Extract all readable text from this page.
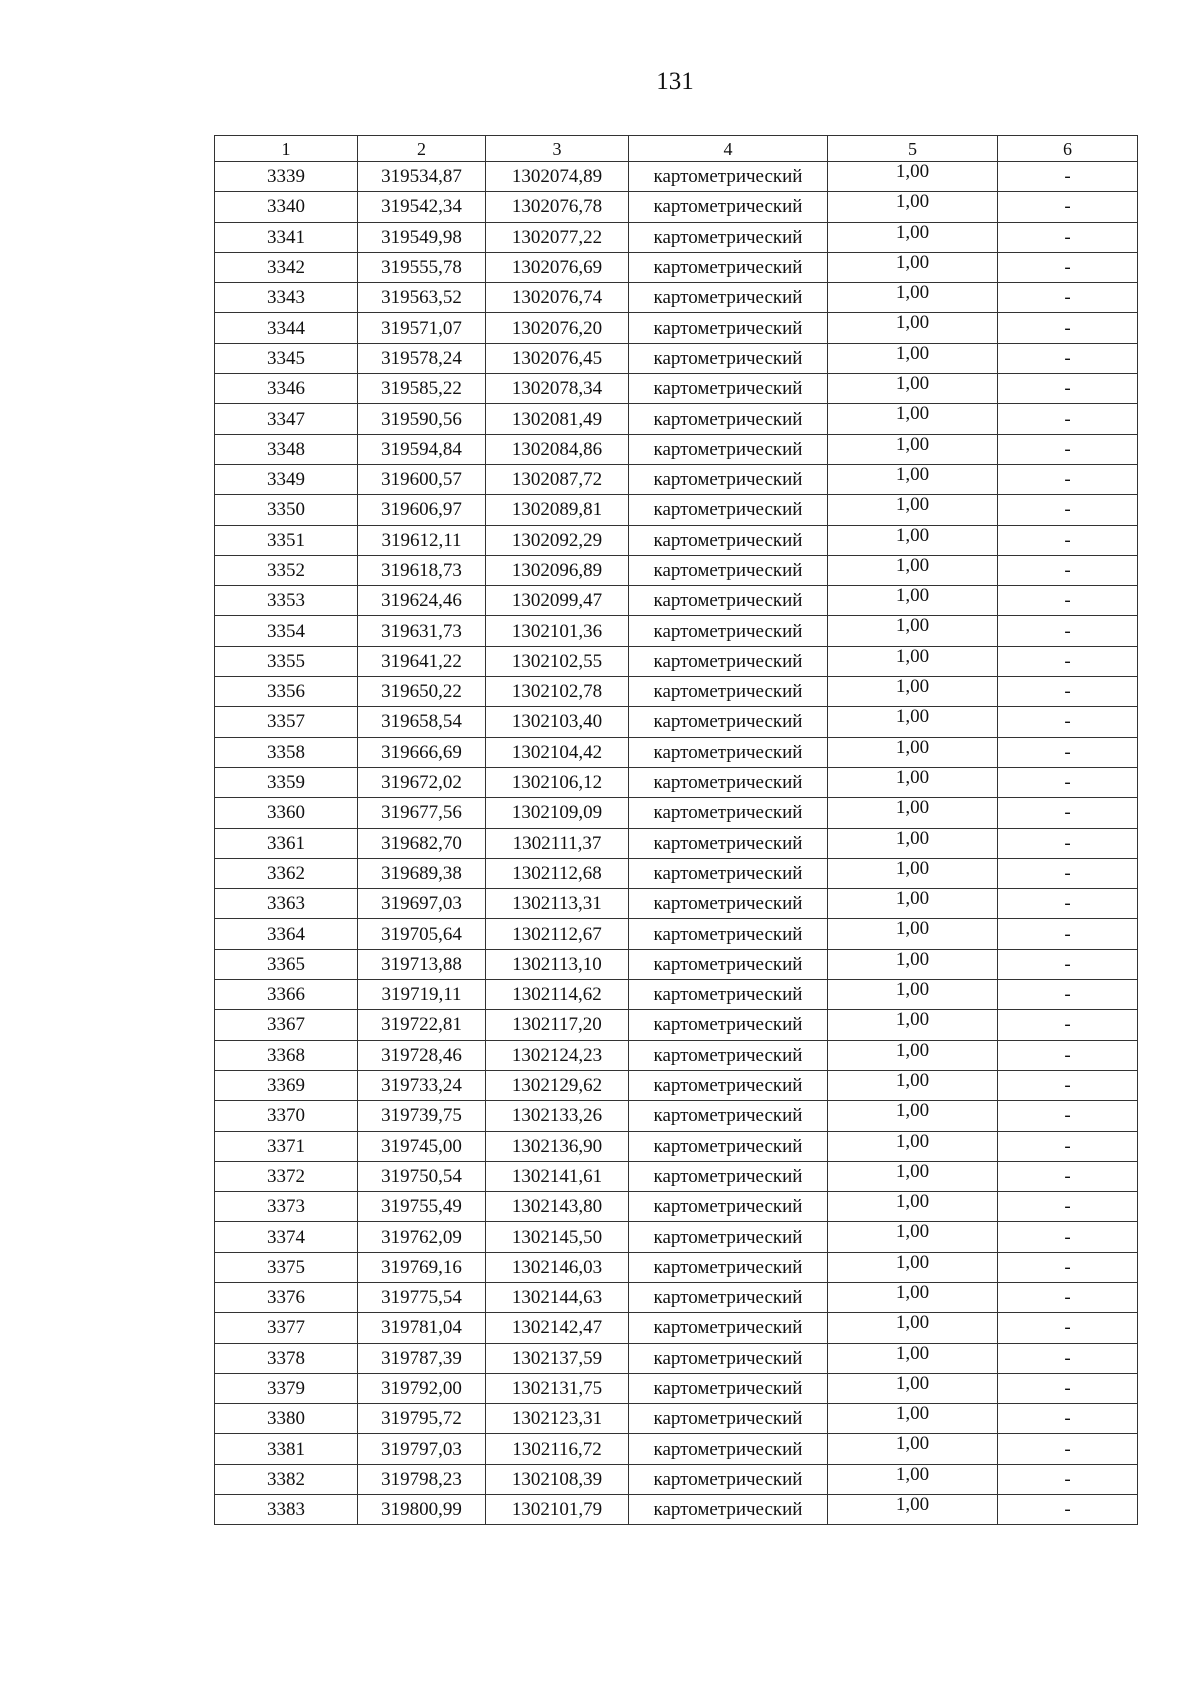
131
1	2	3	4	5	6
3339	319534,87	1302074,89	картометрический	1,00	-
3340	319542,34	1302076,78	картометрический	1,00	-
3341	319549,98	1302077,22	картометрический	1,00	-
3342	319555,78	1302076,69	картометрический	1,00	-
3343	319563,52	1302076,74	картометрический	1,00	-
3344	319571,07	1302076,20	картометрический	1,00	-
3345	319578,24	1302076,45	картометрический	1,00	-
3346	319585,22	1302078,34	картометрический	1,00	-
3347	319590,56	1302081,49	картометрический	1,00	-
3348	319594,84	1302084,86	картометрический	1,00	-
3349	319600,57	1302087,72	картометрический	1,00	-
3350	319606,97	1302089,81	картометрический	1,00	-
3351	319612,11	1302092,29	картометрический	1,00	-
3352	319618,73	1302096,89	картометрический	1,00	-
3353	319624,46	1302099,47	картометрический	1,00	-
3354	319631,73	1302101,36	картометрический	1,00	-
3355	319641,22	1302102,55	картометрический	1,00	-
3356	319650,22	1302102,78	картометрический	1,00	-
3357	319658,54	1302103,40	картометрический	1,00	-
3358	319666,69	1302104,42	картометрический	1,00	-
3359	319672,02	1302106,12	картометрический	1,00	-
3360	319677,56	1302109,09	картометрический	1,00	-
3361	319682,70	1302111,37	картометрический	1,00	-
3362	319689,38	1302112,68	картометрический	1,00	-
3363	319697,03	1302113,31	картометрический	1,00	-
3364	319705,64	1302112,67	картометрический	1,00	-
3365	319713,88	1302113,10	картометрический	1,00	-
3366	319719,11	1302114,62	картометрический	1,00	-
3367	319722,81	1302117,20	картометрический	1,00	-
3368	319728,46	1302124,23	картометрический	1,00	-
3369	319733,24	1302129,62	картометрический	1,00	-
3370	319739,75	1302133,26	картометрический	1,00	-
3371	319745,00	1302136,90	картометрический	1,00	-
3372	319750,54	1302141,61	картометрический	1,00	-
3373	319755,49	1302143,80	картометрический	1,00	-
3374	319762,09	1302145,50	картометрический	1,00	-
3375	319769,16	1302146,03	картометрический	1,00	-
3376	319775,54	1302144,63	картометрический	1,00	-
3377	319781,04	1302142,47	картометрический	1,00	-
3378	319787,39	1302137,59	картометрический	1,00	-
3379	319792,00	1302131,75	картометрический	1,00	-
3380	319795,72	1302123,31	картометрический	1,00	-
3381	319797,03	1302116,72	картометрический	1,00	-
3382	319798,23	1302108,39	картометрический	1,00	-
3383	319800,99	1302101,79	картометрический	1,00	-
